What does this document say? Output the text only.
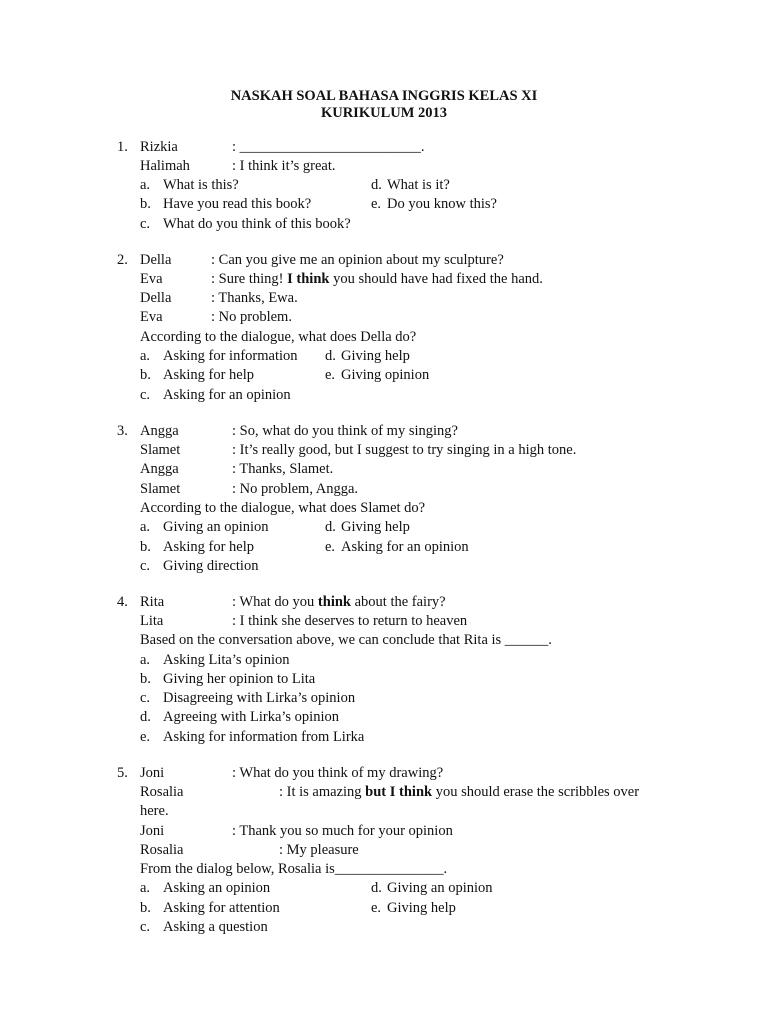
NASKAH SOAL BAHASA INGGRIS KELAS XI
KURIKULUM 2013
1. Rizkia	: _________________________.
Halimah	: I think it’s great.
a. What is this?
b. Have you read this book?
c. What do you think of this book?
d. What is it?
e. Do you know this?
2. Della	: Can you give me an opinion about my sculpture?
Eva	: Sure thing! I think you should have had fixed the hand.
Della	: Thanks, Ewa.
Eva	: No problem.
According to the dialogue, what does Della do?
a. Asking for information
b. Asking for help
c. Asking for an opinion
d. Giving help
e. Giving opinion
3. Angga	: So, what do you think of my singing?
Slamet	: It’s really good, but I suggest to try singing in a high tone.
Angga	: Thanks, Slamet.
Slamet	: No problem, Angga.
According to the dialogue, what does Slamet do?
a. Giving an opinion
b. Asking for help
c. Giving direction
d. Giving help
e. Asking for an opinion
4. Rita	: What do you think about the fairy?
Lita	: I think she deserves to return to heaven
Based on the conversation above, we can conclude that Rita is ______.
a. Asking Lita’s opinion
b. Giving her opinion to Lita
c. Disagreeing with Lirka’s opinion
d. Agreeing with Lirka’s opinion
e. Asking for information from Lirka
5. Joni	: What do you think of my drawing?
Rosalia	: It is amazing but I think you should erase the scribbles over
here.
Joni	: Thank you so much for your opinion
Rosalia	: My pleasure
From the dialog below, Rosalia is_______________.
a. Asking an opinion
b. Asking for attention
c. Asking a question
d. Giving an opinion
e. Giving help
